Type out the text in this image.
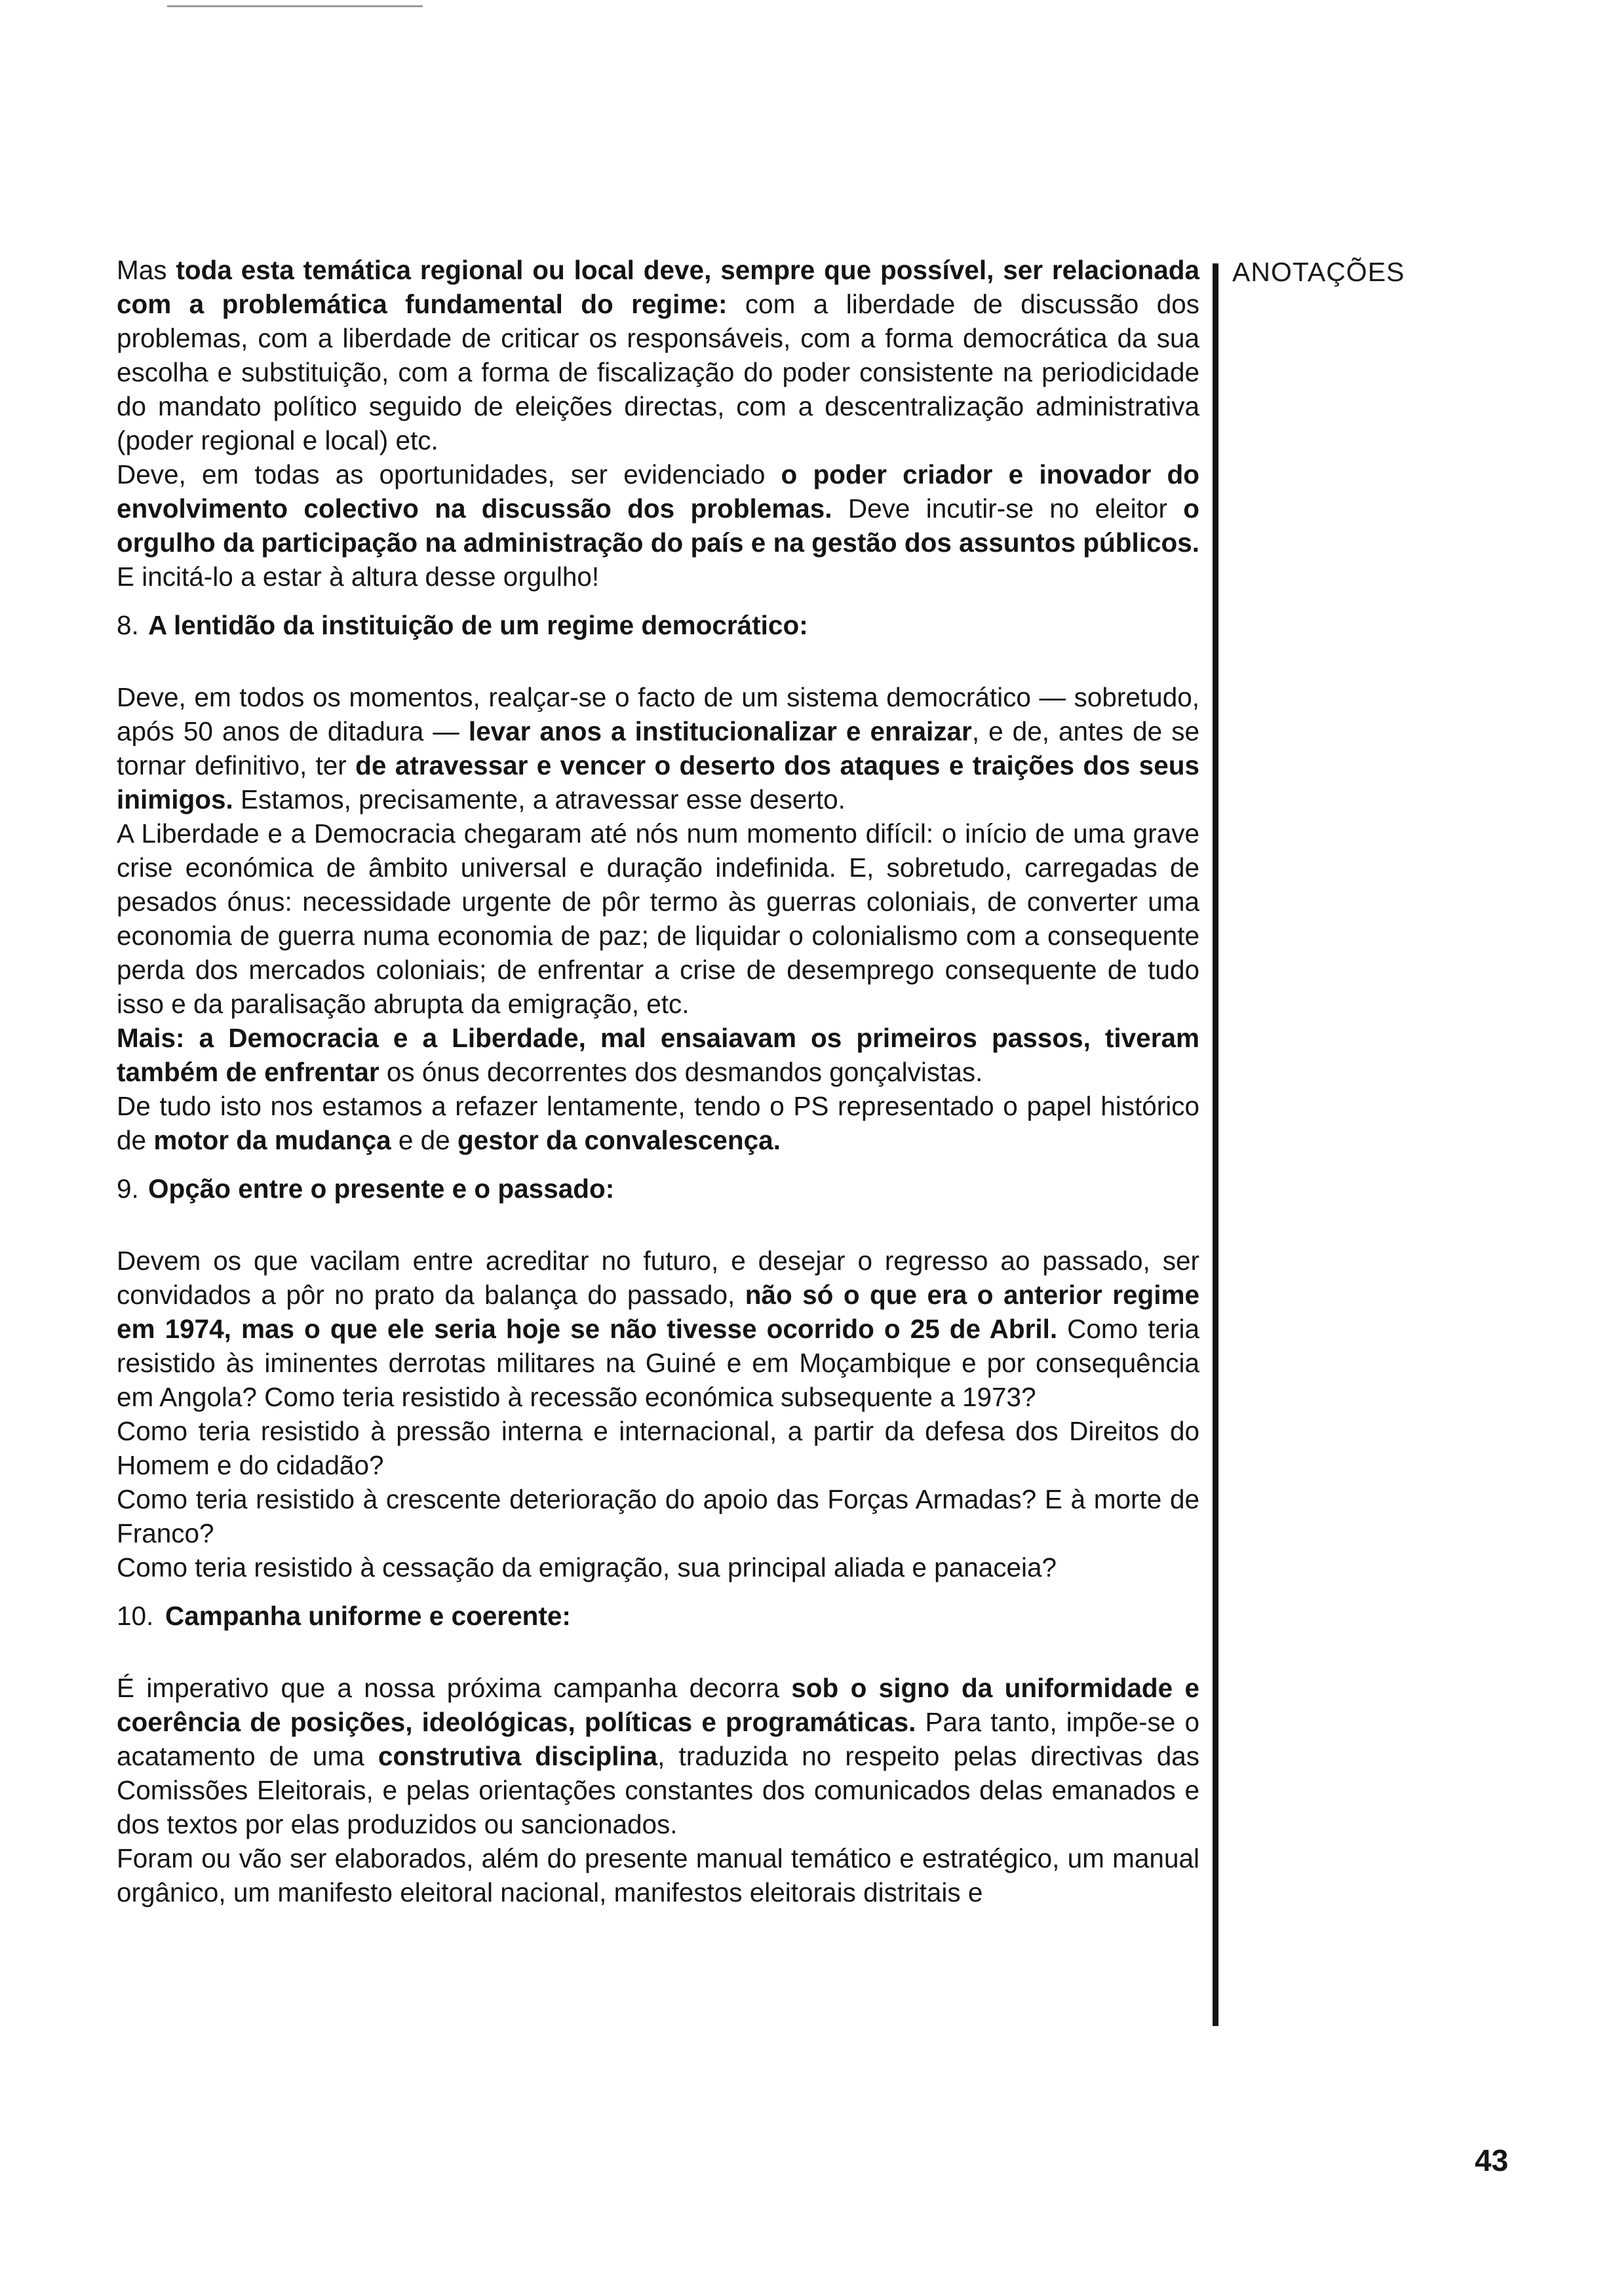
ANOTAÇÕES

Mas toda esta temática regional ou local deve, sempre que possível, ser relacionada com a problemática fundamental do regime: com a liberdade de discussão dos problemas, com a liberdade de criticar os responsáveis, com a forma democrática da sua escolha e substituição, com a forma de fiscalização do poder consistente na periodicidade do mandato político seguido de eleições directas, com a descentralização administrativa (poder regional e local) etc.

Deve, em todas as oportunidades, ser evidenciado o poder criador e inovador do envolvimento colectivo na discussão dos problemas. Deve incutir-se no eleitor o orgulho da participação na administração do país e na gestão dos assuntos públicos. E incitá-lo a estar à altura desse orgulho!

8. A lentidão da instituição de um regime democrático:

Deve, em todos os momentos, realçar-se o facto de um sistema democrático — sobretudo, após 50 anos de ditadura — levar anos a institucionalizar e enraizar, e de, antes de se tornar definitivo, ter de atravessar e vencer o deserto dos ataques e traições dos seus inimigos. Estamos, precisamente, a atravessar esse deserto.

A Liberdade e a Democracia chegaram até nós num momento difícil: o início de uma grave crise económica de âmbito universal e duração indefinida. E, sobretudo, carregadas de pesados ónus: necessidade urgente de pôr termo às guerras coloniais, de converter uma economia de guerra numa economia de paz; de liquidar o colonialismo com a consequente perda dos mercados coloniais; de enfrentar a crise de desemprego consequente de tudo isso e da paralisação abrupta da emigração, etc.

Mais: a Democracia e a Liberdade, mal ensaiavam os primeiros passos, tiveram também de enfrentar os ónus decorrentes dos desmandos gonçalvistas.

De tudo isto nos estamos a refazer lentamente, tendo o PS representado o papel histórico de motor da mudança e de gestor da convalescença.

9. Opção entre o presente e o passado:

Devem os que vacilam entre acreditar no futuro, e desejar o regresso ao passado, ser convidados a pôr no prato da balança do passado, não só o que era o anterior regime em 1974, mas o que ele seria hoje se não tivesse ocorrido o 25 de Abril. Como teria resistido às iminentes derrotas militares na Guiné e em Moçambique e por consequência em Angola? Como teria resistido à recessão económica subsequente a 1973?

Como teria resistido à pressão interna e internacional, a partir da defesa dos Direitos do Homem e do cidadão?

Como teria resistido à crescente deterioração do apoio das Forças Armadas? E à morte de Franco?

Como teria resistido à cessação da emigração, sua principal aliada e panaceia?

10. Campanha uniforme e coerente:

É imperativo que a nossa próxima campanha decorra sob o signo da uniformidade e coerência de posições, ideológicas, políticas e programáticas. Para tanto, impõe-se o acatamento de uma construtiva disciplina, traduzida no respeito pelas directivas das Comissões Eleitorais, e pelas orientações constantes dos comunicados delas emanados e dos textos por elas produzidos ou sancionados.

Foram ou vão ser elaborados, além do presente manual temático e estratégico, um manual orgânico, um manifesto eleitoral nacional, manifestos eleitorais distritais e

43
